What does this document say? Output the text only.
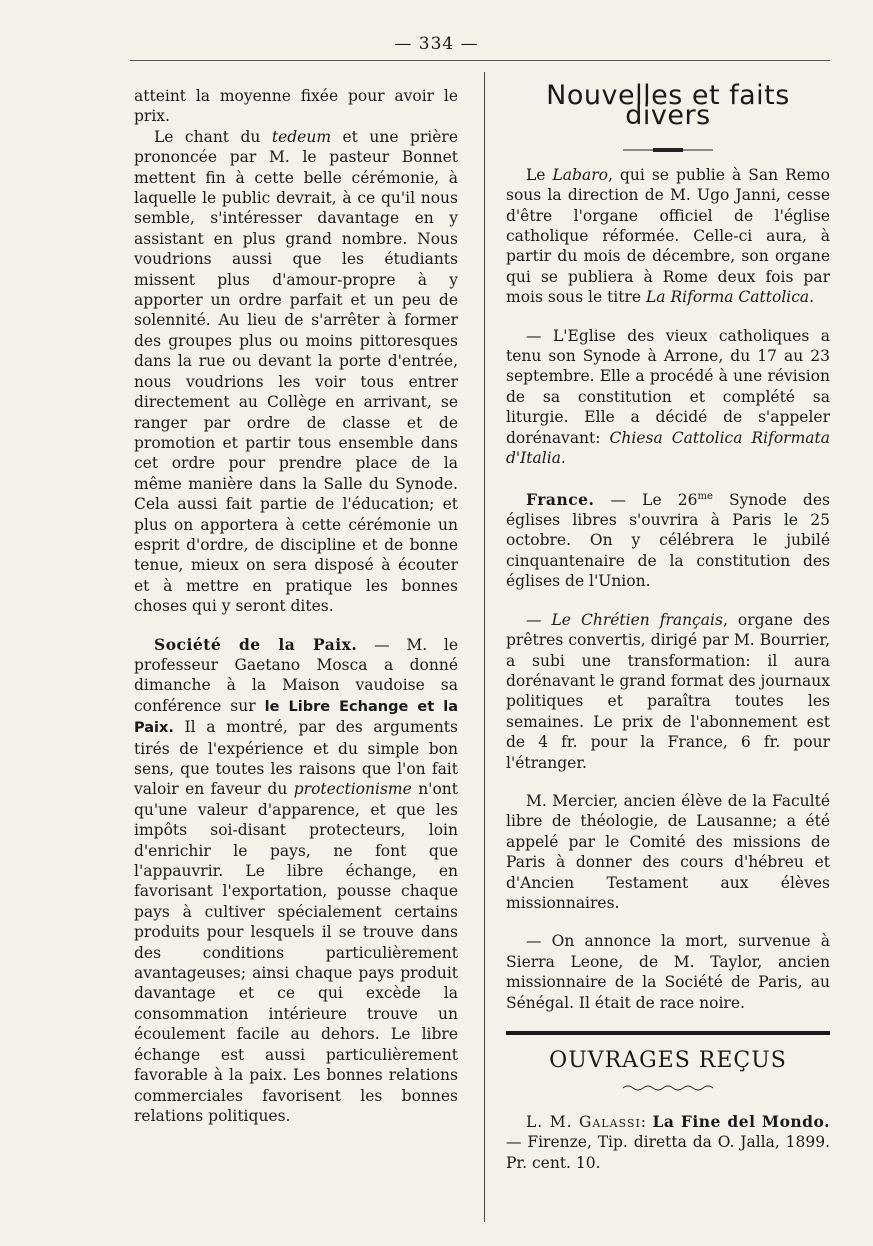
— 334 —

atteint la moyenne fixée pour avoir le prix.

Le chant du tedeum et une prière prononcée par M. le pasteur Bonnet mettent fin à cette belle cérémonie, à laquelle le public devrait, à ce qu'il nous semble, s'intéresser davantage en y assistant en plus grand nombre. Nous voudrions aussi que les étudiants missent plus d'amour-propre à y apporter un ordre parfait et un peu de solennité. Au lieu de s'arrêter à former des groupes plus ou moins pittoresques dans la rue ou devant la porte d'entrée, nous voudrions les voir tous entrer directement au Collège en arrivant, se ranger par ordre de classe et de promotion et partir tous ensemble dans cet ordre pour prendre place de la même manière dans la Salle du Synode. Cela aussi fait partie de l'éducation; et plus on apportera à cette cérémonie un esprit d'ordre, de discipline et de bonne tenue, mieux on sera disposé à écouter et à mettre en pratique les bonnes choses qui y seront dites.

Société de la Paix. — M. le professeur Gaetano Mosca a donné dimanche à la Maison vaudoise sa conférence sur le Libre Echange et la Paix. Il a montré, par des arguments tirés de l'expérience et du simple bon sens, que toutes les raisons que l'on fait valoir en faveur du protectionisme n'ont qu'une valeur d'apparence, et que les impôts soi-disant protecteurs, loin d'enrichir le pays, ne font que l'appauvrir. Le libre échange, en favorisant l'exportation, pousse chaque pays à cultiver spécialement certains produits pour lesquels il se trouve dans des conditions particulièrement avantageuses; ainsi chaque pays produit davantage et ce qui excède la consommation intérieure trouve un écoulement facile au dehors. Le libre échange est aussi particulièrement favorable à la paix. Les bonnes relations commerciales favorisent les bonnes relations politiques.

Nouvelles et faits divers

Le Labaro, qui se publie à San Remo sous la direction de M. Ugo Janni, cesse d'être l'organe officiel de l'église catholique réformée. Celle-ci aura, à partir du mois de décembre, son organe qui se publiera à Rome deux fois par mois sous le titre La Riforma Cattolica.

— L'Eglise des vieux catholiques a tenu son Synode à Arrone, du 17 au 23 septembre. Elle a procédé à une révision de sa constitution et complété sa liturgie. Elle a décidé de s'appeler dorénavant: Chiesa Cattolica Riformata d'Italia.

France. — Le $26^{me}$ Synode des églises libres s'ouvrira à Paris le 25 octobre. On y célébrera le jubilé cinquantenaire de la constitution des églises de l'Union.

— Le Chrétien français, organe des prêtres convertis, dirigé par M. Bourrier, a subi une transformation: il aura dorénavant le grand format des journaux politiques et paraîtra toutes les semaines. Le prix de l'abonnement est de 4 fr. pour la France, 6 fr. pour l'étranger.

M. Mercier, ancien élève de la Faculté libre de théologie, de Lausanne; a été appelé par le Comité des missions de Paris à donner des cours d'hébreu et d'Ancien Testament aux élèves missionnaires.

— On annonce la mort, survenue à Sierra Leone, de M. Taylor, ancien missionnaire de la Société de Paris, au Sénégal. Il était de race noire.

OUVRAGES REÇUS

L. M. Galassi: La Fine del Mondo. — Firenze, Tip. diretta da O. Jalla, 1899. Pr. cent. 10.
